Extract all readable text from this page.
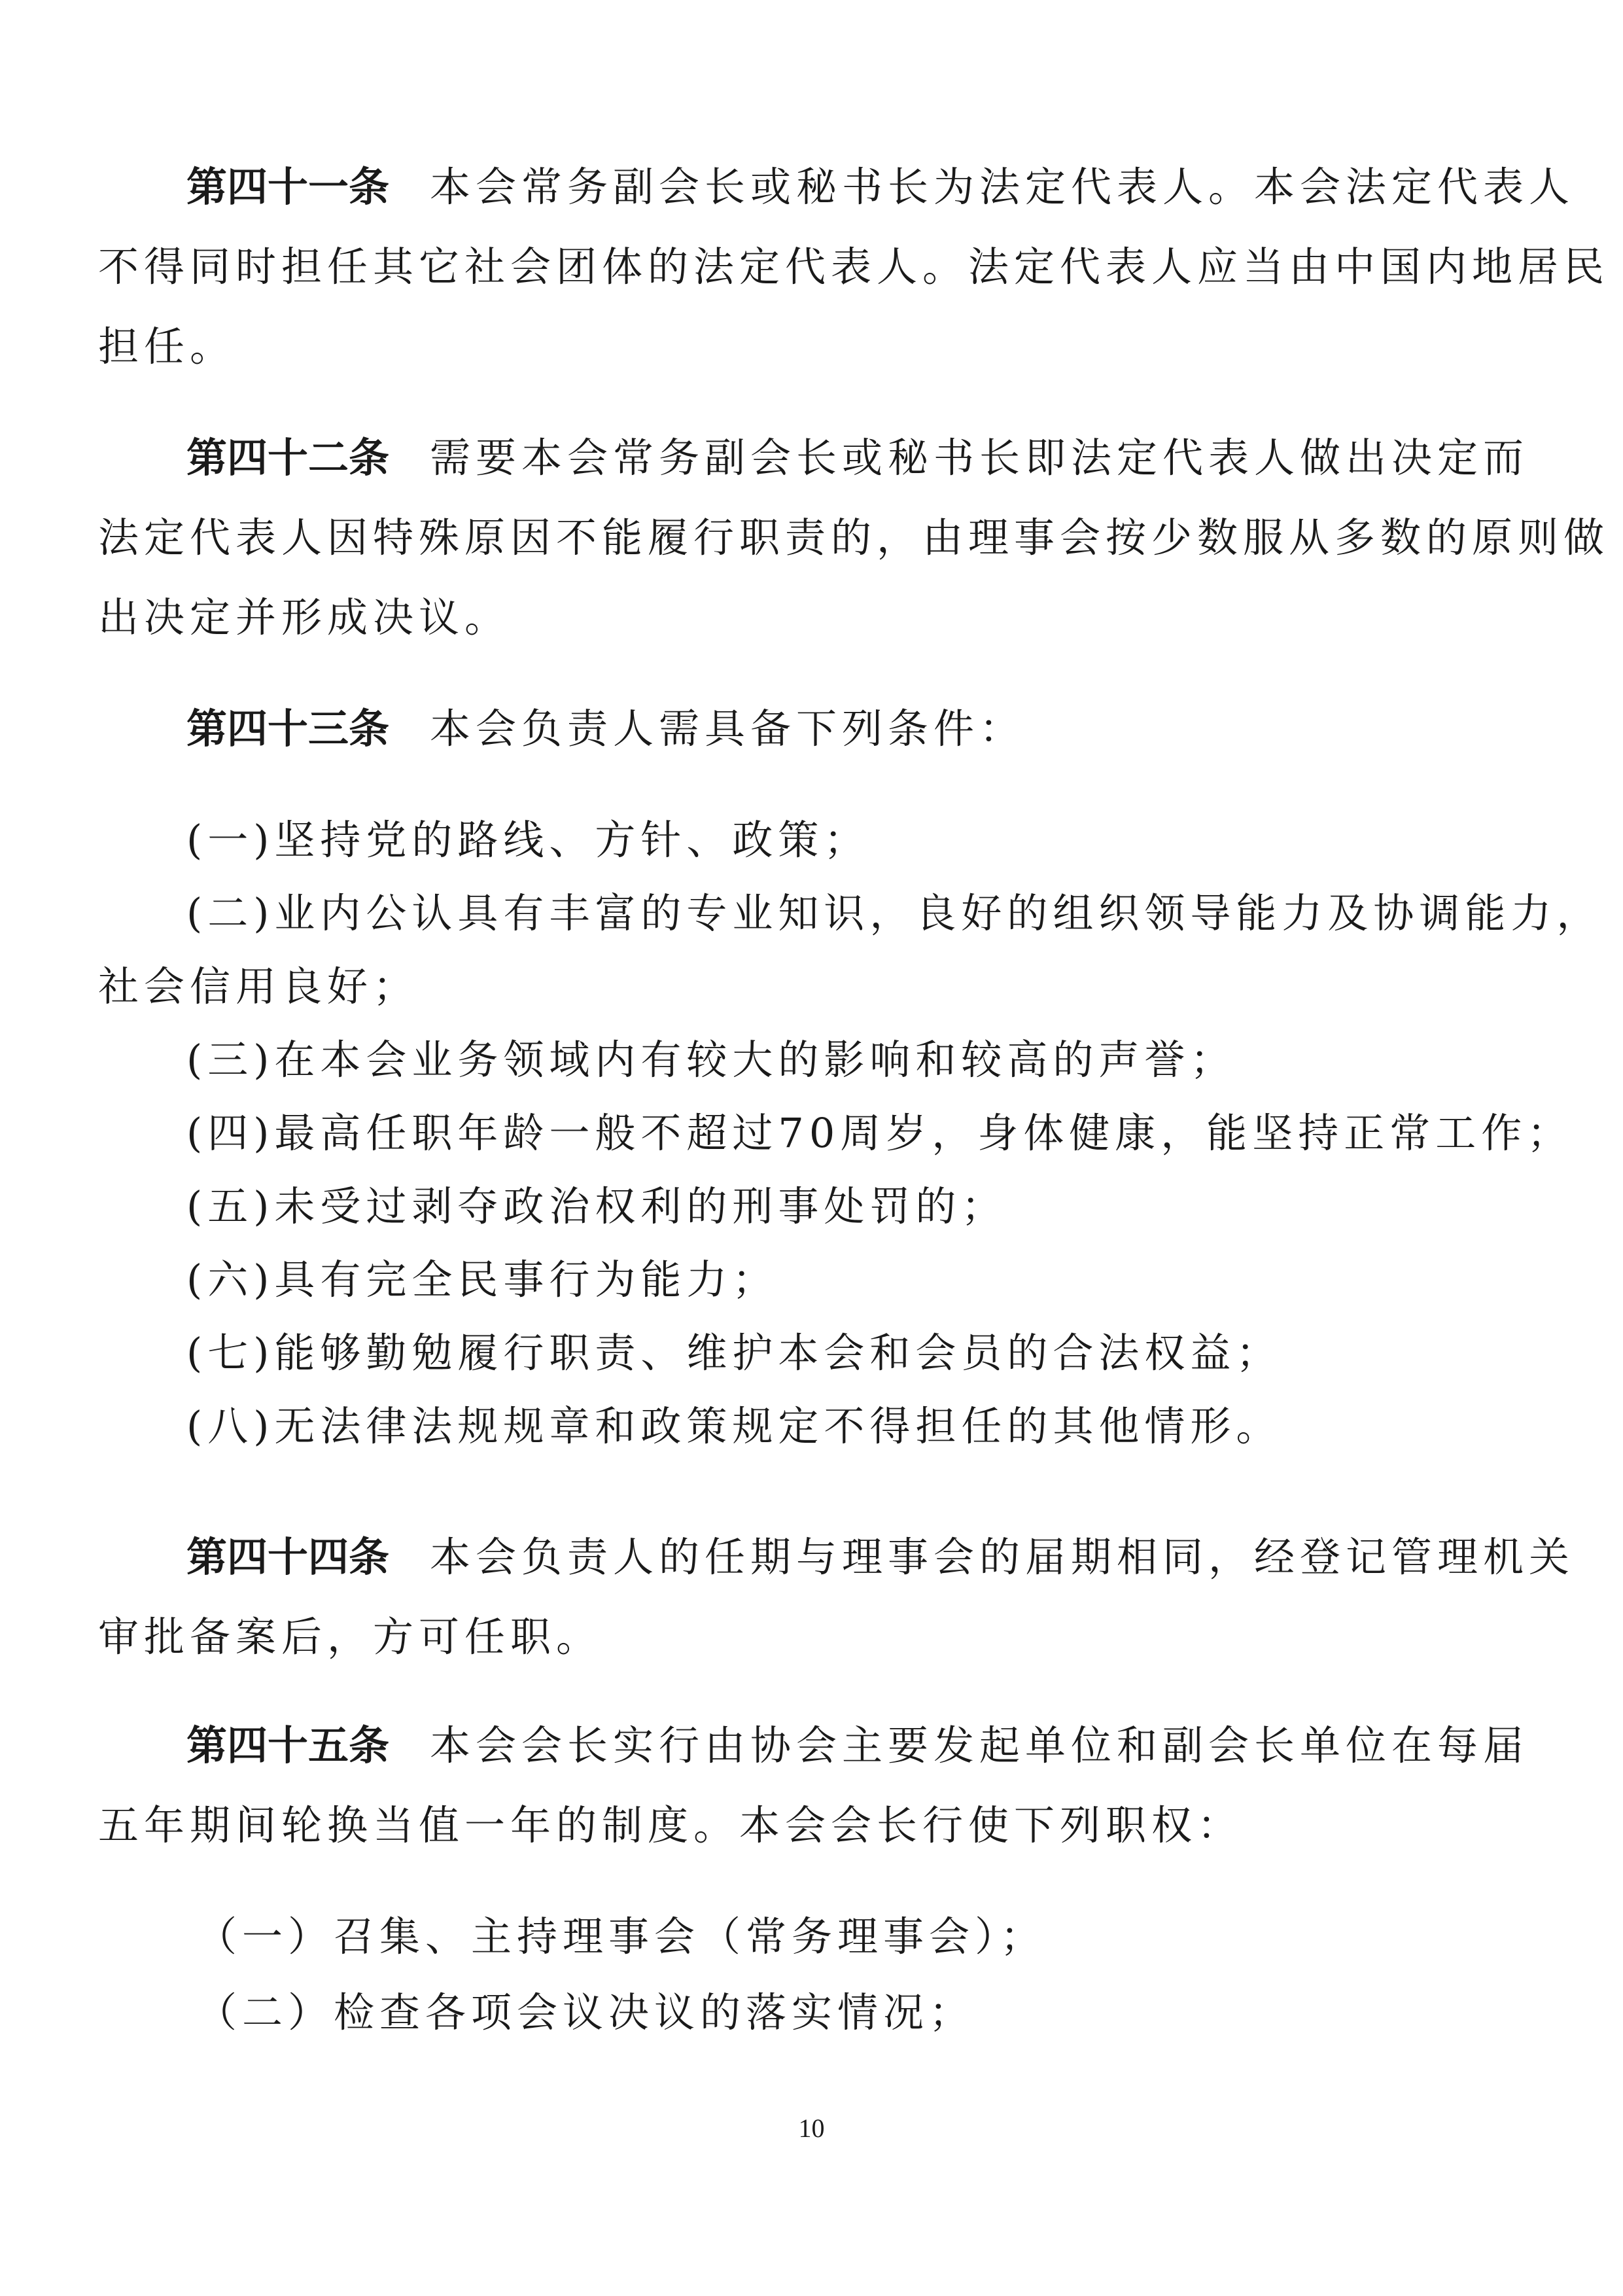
第四十一条 本会常务副会长或秘书长为法定代表人。本会法定代表人
不得同时担任其它社会团体的法定代表人。法定代表人应当由中国内地居民
担任。
第四十二条 需要本会常务副会长或秘书长即法定代表人做出决定而
法定代表人因特殊原因不能履行职责的，由理事会按少数服从多数的原则做
出决定并形成决议。
第四十三条 本会负责人需具备下列条件：
(一)坚持党的路线、方针、政策；
(二)业内公认具有丰富的专业知识，良好的组织领导能力及协调能力，
社会信用良好；
(三)在本会业务领域内有较大的影响和较高的声誉；
(四)最高任职年龄一般不超过70周岁，身体健康，能坚持正常工作；
(五)未受过剥夺政治权利的刑事处罚的；
(六)具有完全民事行为能力；
(七)能够勤勉履行职责、维护本会和会员的合法权益；
(八)无法律法规规章和政策规定不得担任的其他情形。
第四十四条 本会负责人的任期与理事会的届期相同，经登记管理机关
审批备案后，方可任职。
第四十五条 本会会长实行由协会主要发起单位和副会长单位在每届
五年期间轮换当值一年的制度。本会会长行使下列职权：
（一）召集、主持理事会（常务理事会）；
（二）检查各项会议决议的落实情况；
10
